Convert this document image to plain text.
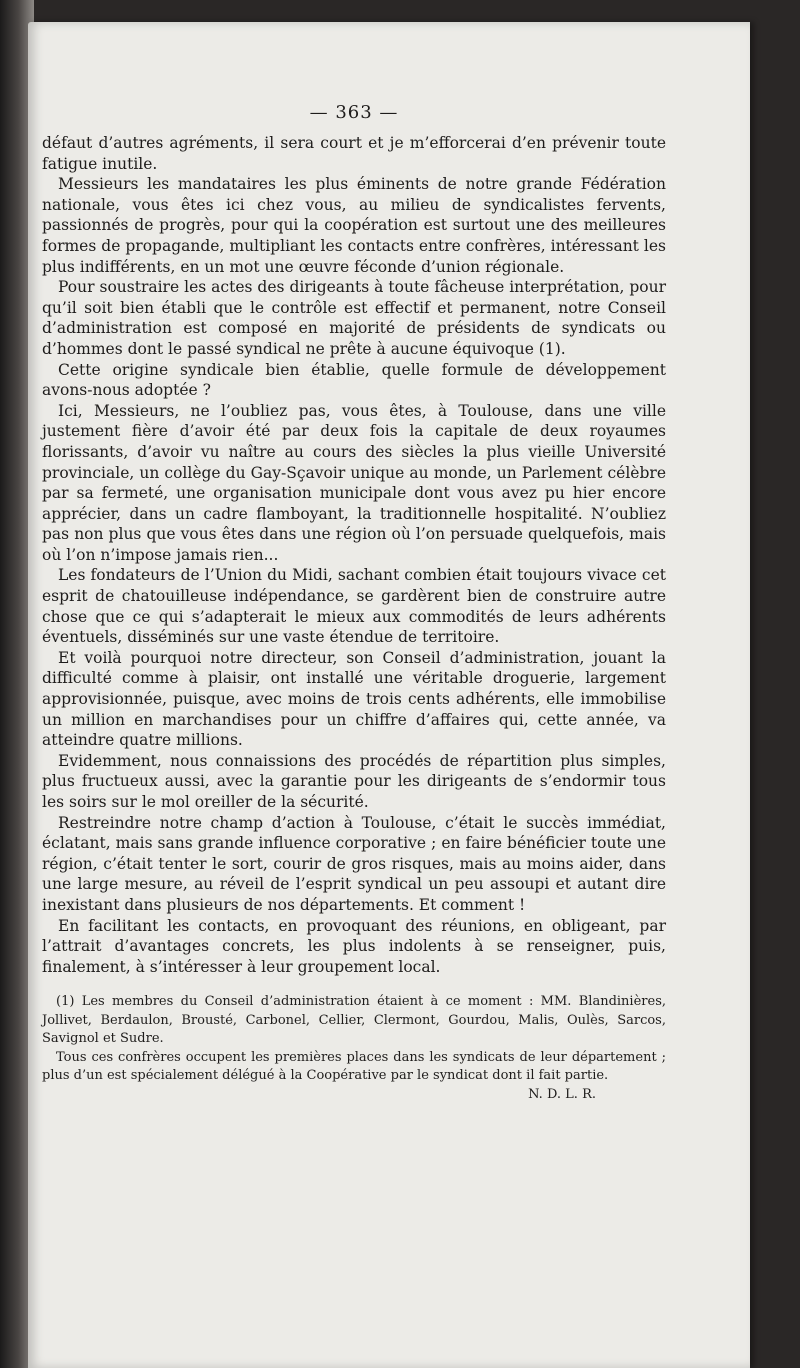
— 363 —

défaut d’autres agréments, il sera court et je m’efforcerai d’en prévenir toute fatigue inutile.

Messieurs les mandataires les plus éminents de notre grande Fédération nationale, vous êtes ici chez vous, au milieu de syndicalistes fervents, passionnés de progrès, pour qui la coopération est surtout une des meilleures formes de propagande, multipliant les contacts entre confrères, intéressant les plus indifférents, en un mot une œuvre féconde d’union régionale.

Pour soustraire les actes des dirigeants à toute fâcheuse interprétation, pour qu’il soit bien établi que le contrôle est effectif et permanent, notre Conseil d’administration est composé en majorité de présidents de syndicats ou d’hommes dont le passé syndical ne prête à aucune équivoque (1).

Cette origine syndicale bien établie, quelle formule de développement avons-nous adoptée ?

Ici, Messieurs, ne l’oubliez pas, vous êtes, à Toulouse, dans une ville justement fière d’avoir été par deux fois la capitale de deux royaumes florissants, d’avoir vu naître au cours des siècles la plus vieille Université provinciale, un collège du Gay-Sçavoir unique au monde, un Parlement célèbre par sa fermeté, une organisation municipale dont vous avez pu hier encore apprécier, dans un cadre flamboyant, la traditionnelle hospitalité. N’oubliez pas non plus que vous êtes dans une région où l’on persuade quelquefois, mais où l’on n’impose jamais rien...

Les fondateurs de l’Union du Midi, sachant combien était toujours vivace cet esprit de chatouilleuse indépendance, se gardèrent bien de construire autre chose que ce qui s’adapterait le mieux aux commodités de leurs adhérents éventuels, disséminés sur une vaste étendue de territoire.

Et voilà pourquoi notre directeur, son Conseil d’administration, jouant la difficulté comme à plaisir, ont installé une véritable droguerie, largement approvisionnée, puisque, avec moins de trois cents adhérents, elle immobilise un million en marchandises pour un chiffre d’affaires qui, cette année, va atteindre quatre millions.

Evidemment, nous connaissions des procédés de répartition plus simples, plus fructueux aussi, avec la garantie pour les dirigeants de s’endormir tous les soirs sur le mol oreiller de la sécurité.

Restreindre notre champ d’action à Toulouse, c’était le succès immédiat, éclatant, mais sans grande influence corporative ; en faire bénéficier toute une région, c’était tenter le sort, courir de gros risques, mais au moins aider, dans une large mesure, au réveil de l’esprit syndical un peu assoupi et autant dire inexistant dans plusieurs de nos départements. Et comment !

En facilitant les contacts, en provoquant des réunions, en obligeant, par l’attrait d’avantages concrets, les plus indolents à se renseigner, puis, finalement, à s’intéresser à leur groupement local.

(1) Les membres du Conseil d’administration étaient à ce moment : MM. Blandinières, Jollivet, Berdaulon, Brousté, Carbonel, Cellier, Clermont, Gourdou, Malis, Oulès, Sarcos, Savignol et Sudre.

Tous ces confrères occupent les premières places dans les syndicats de leur département ; plus d’un est spécialement délégué à la Coopérative par le syndicat dont il fait partie.
N. D. L. R.
